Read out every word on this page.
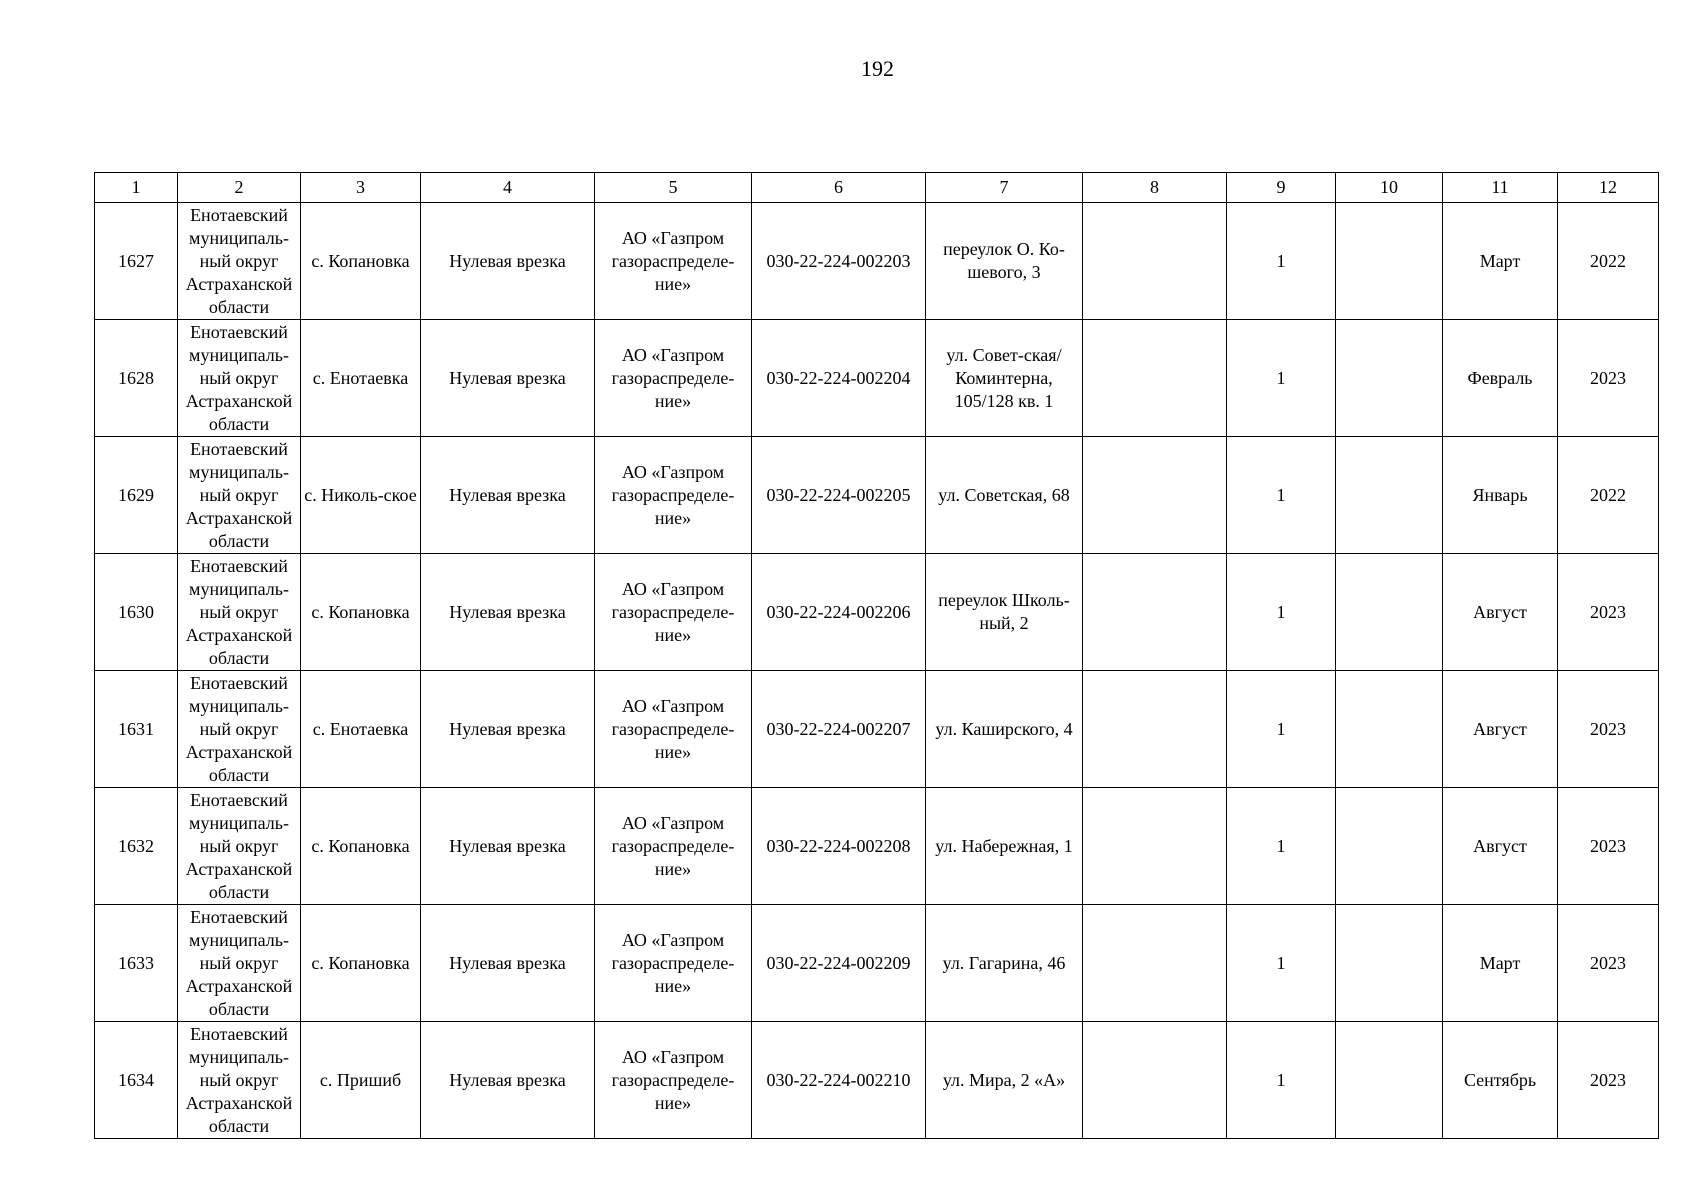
192
1	2	3	4	5	6	7	8	9	10	11	12
1627	Енотаевский муниципаль-ный округ Астраханской области	с. Копановка	Нулевая врезка	АО «Газпром газораспределе-ние»	030-22-224-002203	переулок О. Ко-шевого, 3		1		Март	2022
1628	Енотаевский муниципаль-ный округ Астраханской области	с. Енотаевка	Нулевая врезка	АО «Газпром газораспределе-ние»	030-22-224-002204	ул. Совет-ская/Коминтерна, 105/128 кв. 1		1		Февраль	2023
1629	Енотаевский муниципаль-ный округ Астраханской области	с. Николь-ское	Нулевая врезка	АО «Газпром газораспределе-ние»	030-22-224-002205	ул. Советская, 68		1		Январь	2022
1630	Енотаевский муниципаль-ный округ Астраханской области	с. Копановка	Нулевая врезка	АО «Газпром газораспределе-ние»	030-22-224-002206	переулок Школь-ный, 2		1		Август	2023
1631	Енотаевский муниципаль-ный округ Астраханской области	с. Енотаевка	Нулевая врезка	АО «Газпром газораспределе-ние»	030-22-224-002207	ул. Каширского, 4		1		Август	2023
1632	Енотаевский муниципаль-ный округ Астраханской области	с. Копановка	Нулевая врезка	АО «Газпром газораспределе-ние»	030-22-224-002208	ул. Набережная, 1		1		Август	2023
1633	Енотаевский муниципаль-ный округ Астраханской области	с. Копановка	Нулевая врезка	АО «Газпром газораспределе-ние»	030-22-224-002209	ул. Гагарина, 46		1		Март	2023
1634	Енотаевский муниципаль-ный округ Астраханской области	с. Пришиб	Нулевая врезка	АО «Газпром газораспределе-ние»	030-22-224-002210	ул. Мира, 2 «А»		1		Сентябрь	2023
